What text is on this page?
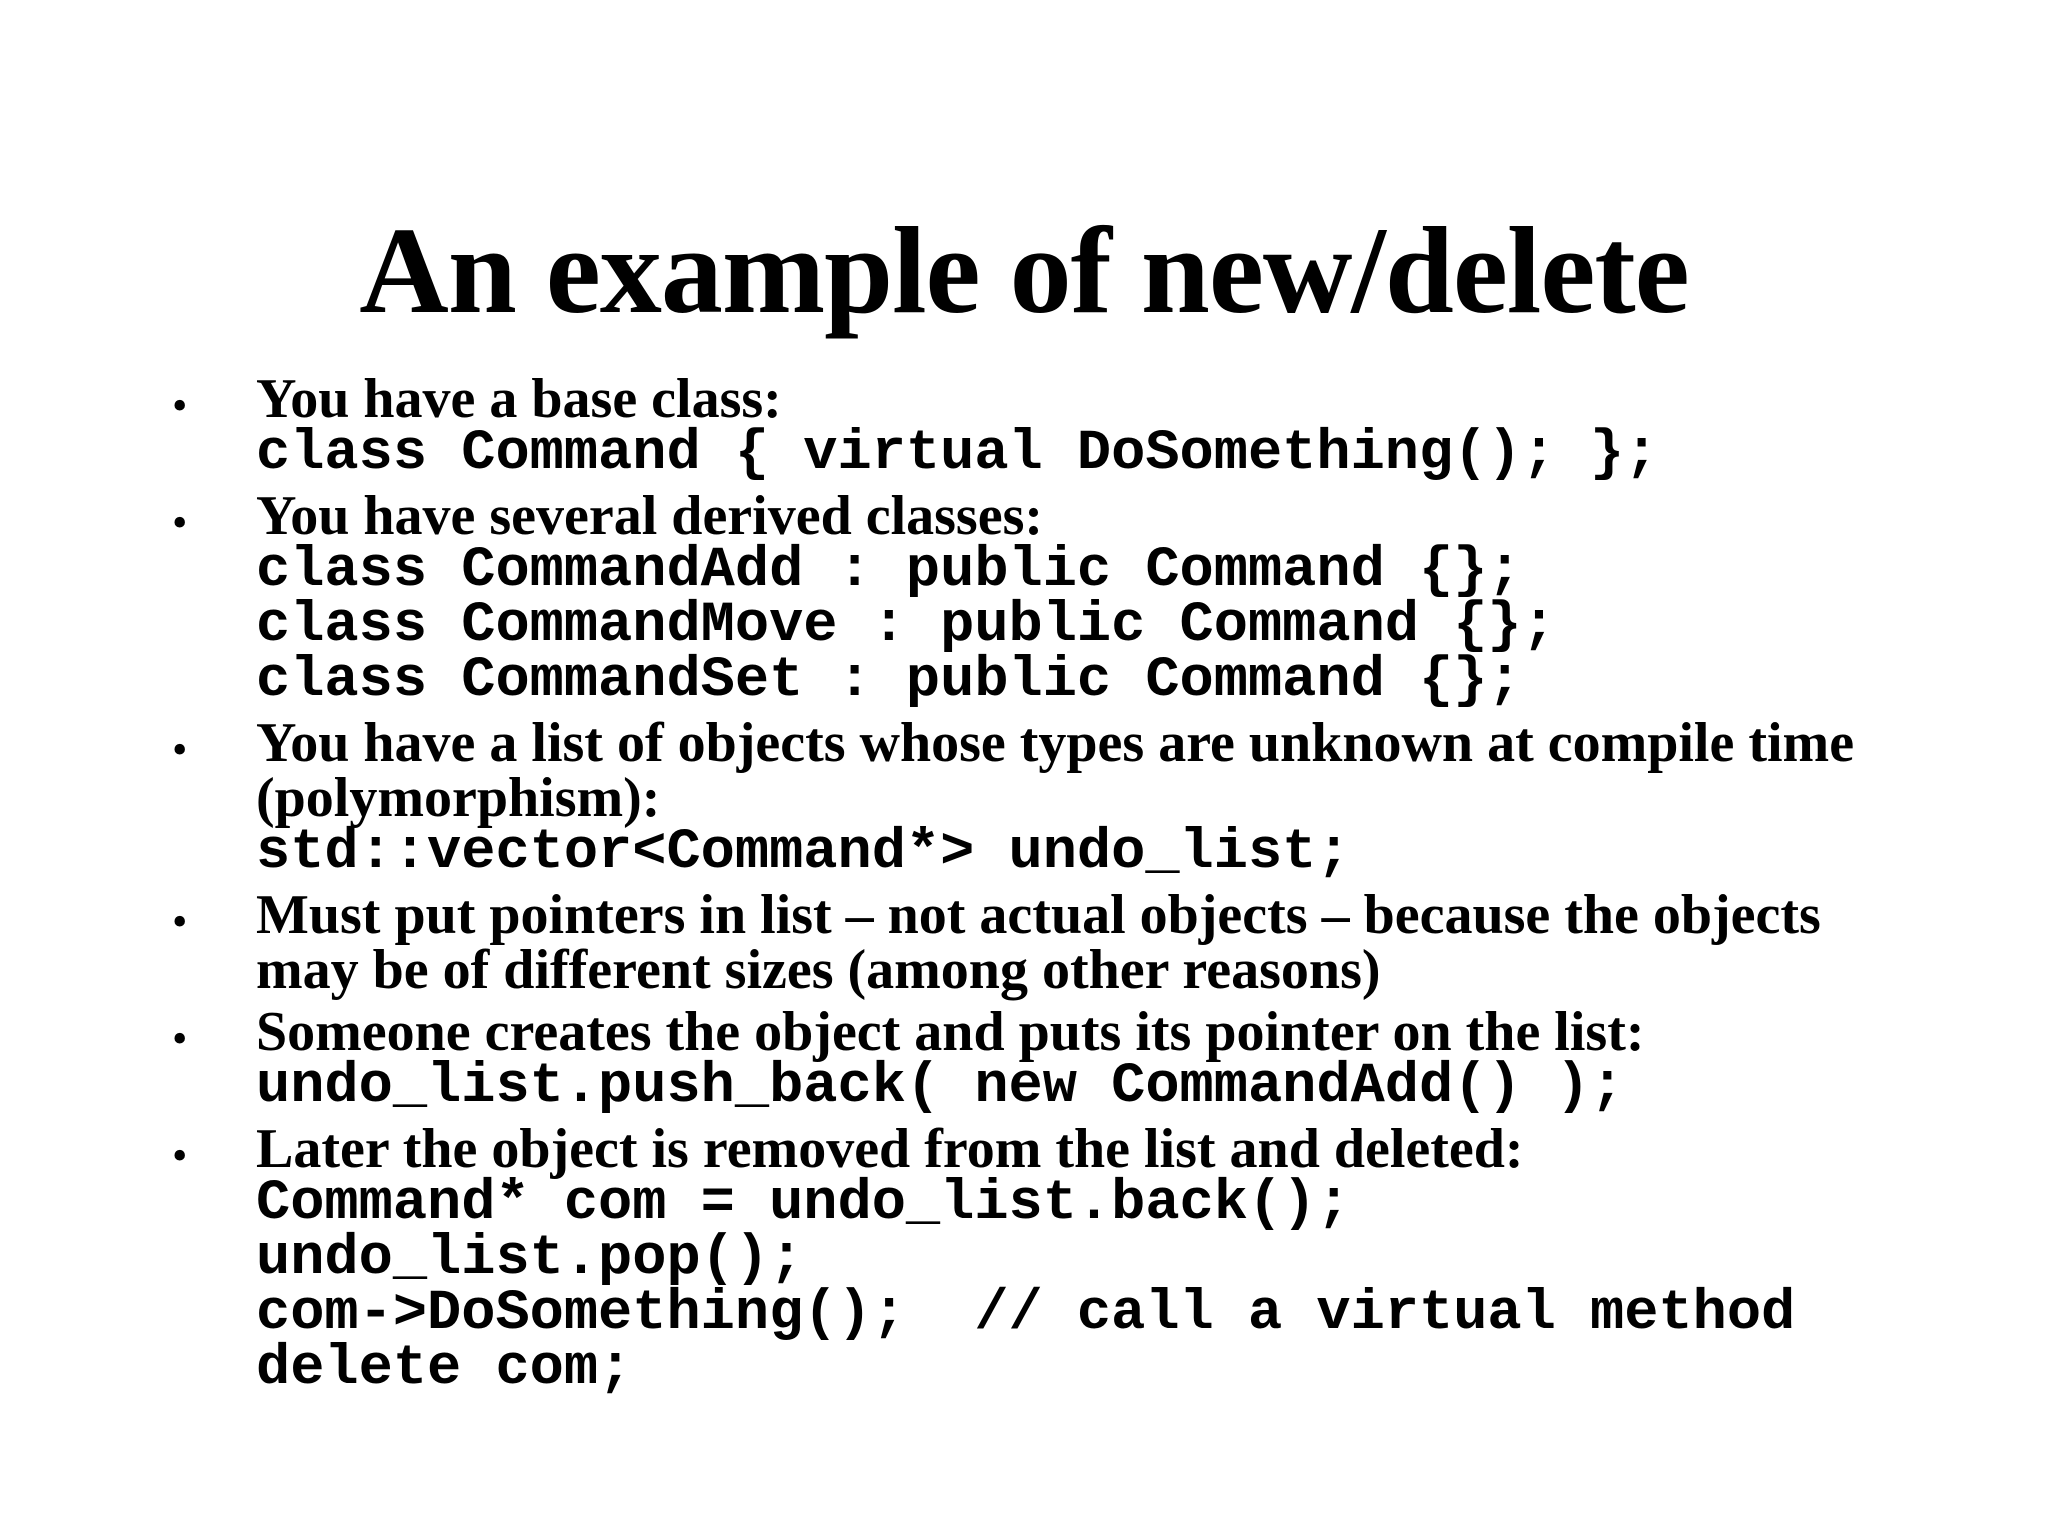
An example of new/delete
• You have a base class:
class Command { virtual DoSomething(); };
• You have several derived classes:
class CommandAdd : public Command {};
class CommandMove : public Command {};
class CommandSet : public Command {};
• You have a list of objects whose types are unknown at compile time
(polymorphism):
std::vector<Command*> undo_list;
• Must put pointers in list – not actual objects – because the objects
may be of different sizes (among other reasons)
• Someone creates the object and puts its pointer on the list:
undo_list.push_back( new CommandAdd() );
• Later the object is removed from the list and deleted:
Command* com = undo_list.back();
undo_list.pop();
com->DoSomething();  // call a virtual method
delete com;
